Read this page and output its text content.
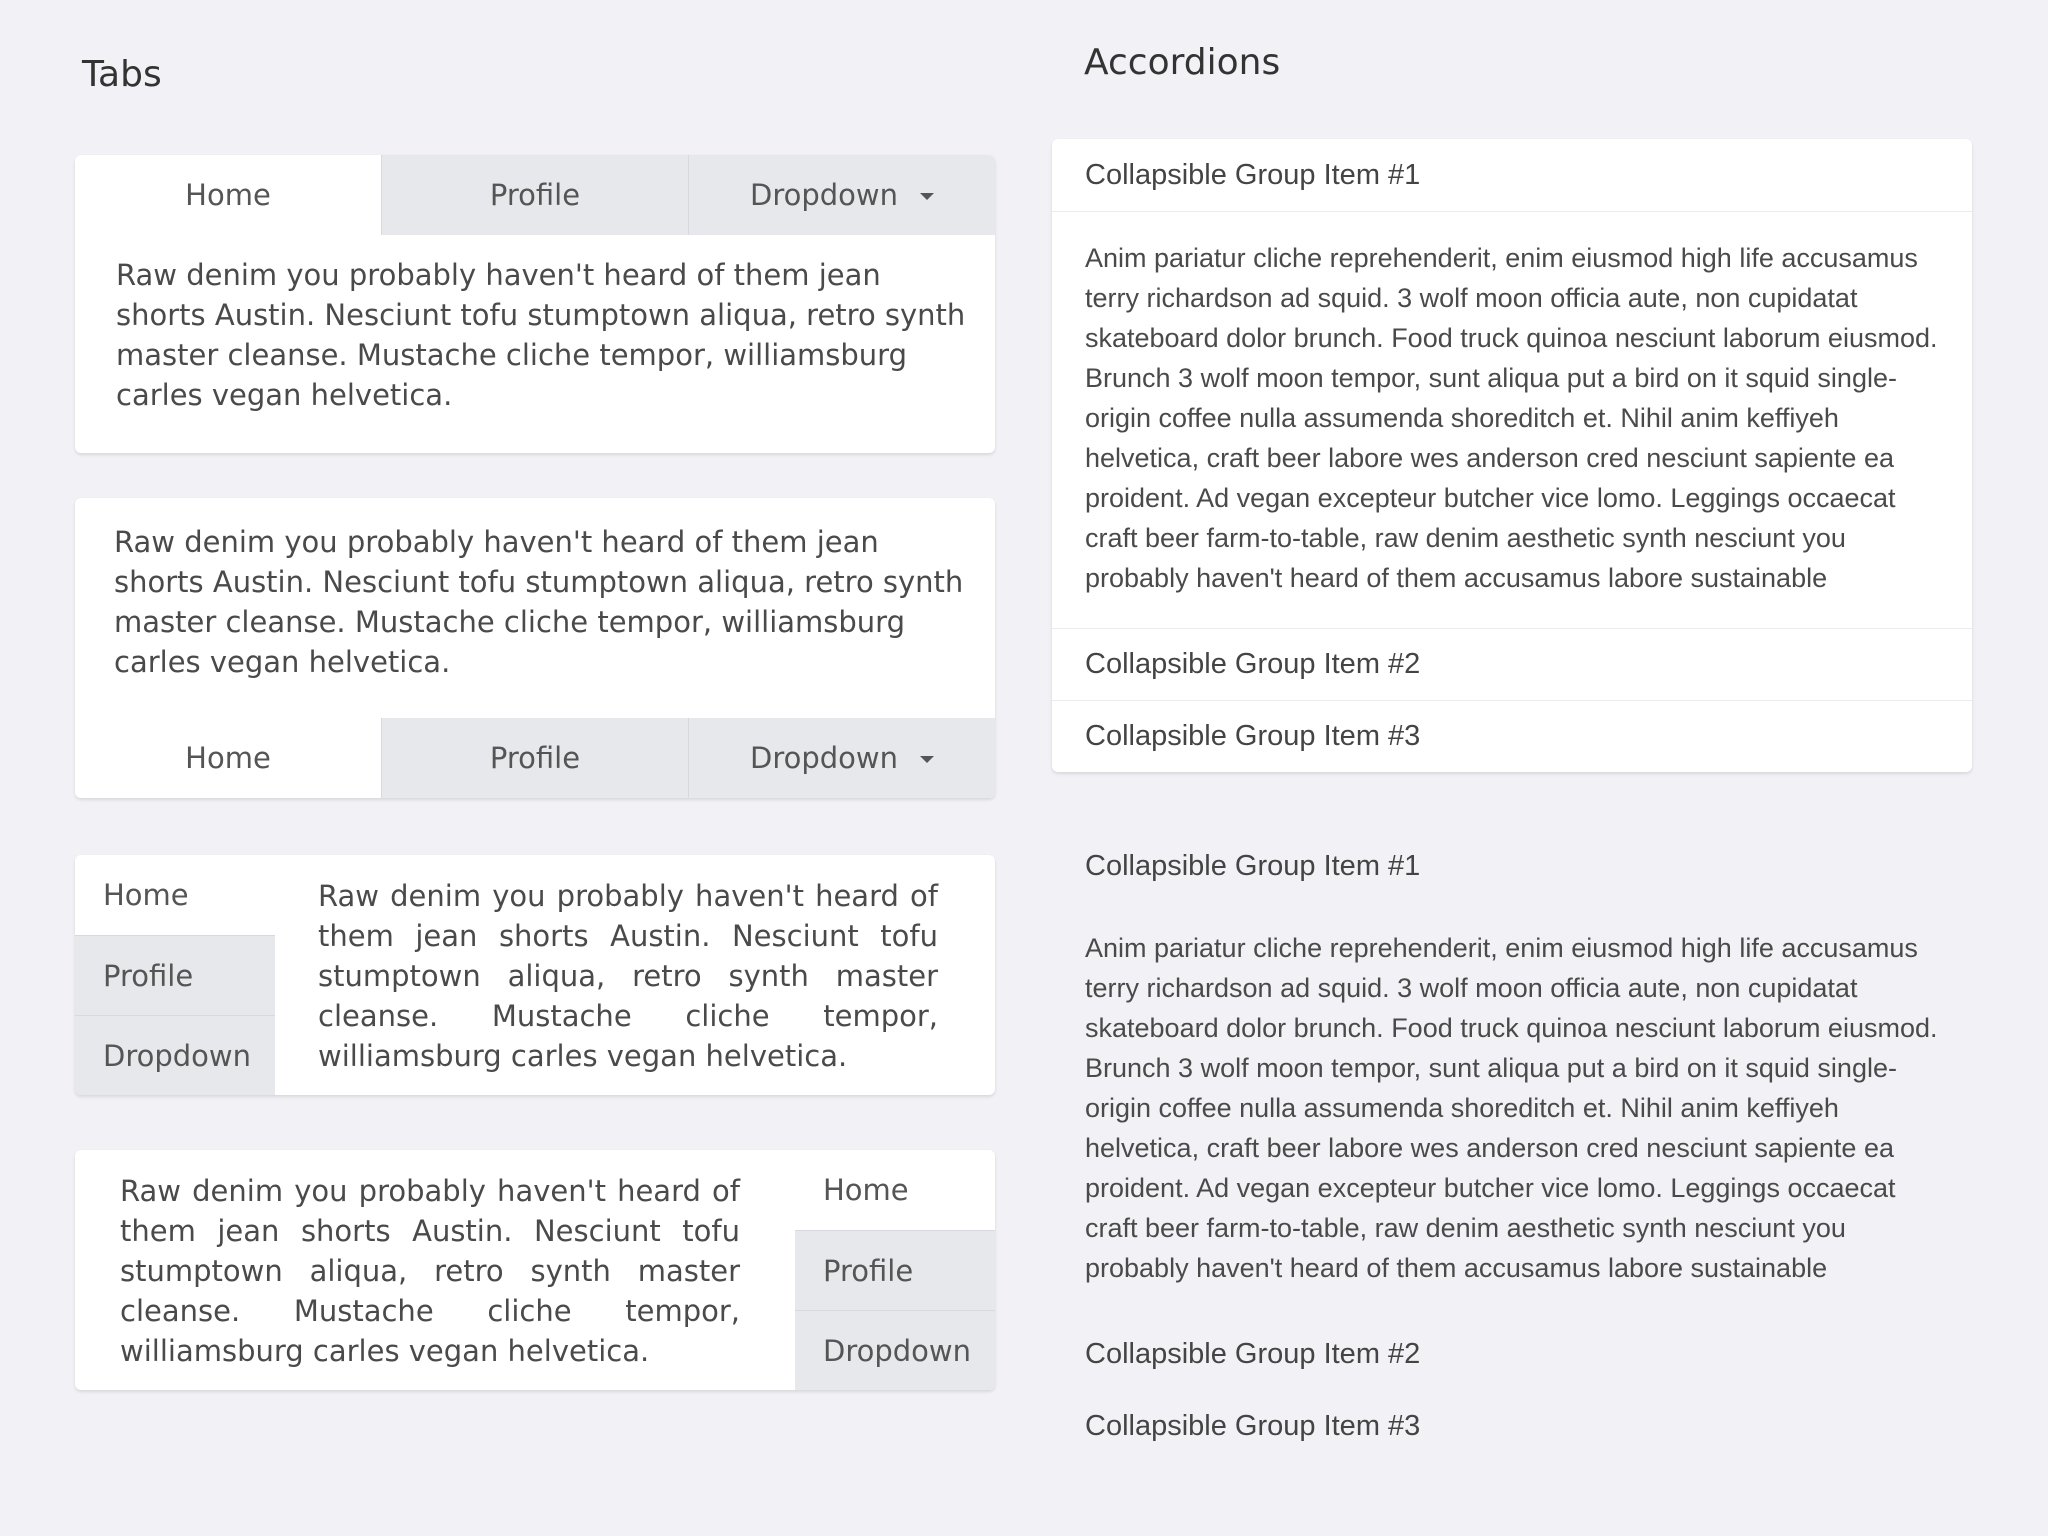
Tabs	Accordions
Home	Profile	Dropdown

Raw denim you probably haven't heard of them jean shorts Austin. Nesciunt tofu stumptown aliqua, retro synth master cleanse. Mustache cliche tempor, williamsburg carles vegan helvetica.

Raw denim you probably haven't heard of them jean shorts Austin. Nesciunt tofu stumptown aliqua, retro synth master cleanse. Mustache cliche tempor, williamsburg carles vegan helvetica.

Home	Profile	Dropdown
Home
Profile
Dropdown

Raw denim you probably haven't heard of them jean shorts Austin. Nesciunt tofu stumptown aliqua, retro synth master cleanse. Mustache cliche tempor, williamsburg carles vegan helvetica.

Raw denim you probably haven't heard of them jean shorts Austin. Nesciunt tofu stumptown aliqua, retro synth master cleanse. Mustache cliche tempor, williamsburg carles vegan helvetica.

Home
Profile
Dropdown
Collapsible Group Item #1
Anim pariatur cliche reprehenderit, enim eiusmod high life accusamus terry richardson ad squid. 3 wolf moon officia aute, non cupidatat skateboard dolor brunch. Food truck quinoa nesciunt laborum eiusmod. Brunch 3 wolf moon tempor, sunt aliqua put a bird on it squid single-origin coffee nulla assumenda shoreditch et. Nihil anim keffiyeh helvetica, craft beer labore wes anderson cred nesciunt sapiente ea proident. Ad vegan excepteur butcher vice lomo. Leggings occaecat craft beer farm-to-table, raw denim aesthetic synth nesciunt you probably haven't heard of them accusamus labore sustainable
Collapsible Group Item #2
Collapsible Group Item #3
Collapsible Group Item #1
Anim pariatur cliche reprehenderit, enim eiusmod high life accusamus terry richardson ad squid. 3 wolf moon officia aute, non cupidatat skateboard dolor brunch. Food truck quinoa nesciunt laborum eiusmod. Brunch 3 wolf moon tempor, sunt aliqua put a bird on it squid single-origin coffee nulla assumenda shoreditch et. Nihil anim keffiyeh helvetica, craft beer labore wes anderson cred nesciunt sapiente ea proident. Ad vegan excepteur butcher vice lomo. Leggings occaecat craft beer farm-to-table, raw denim aesthetic synth nesciunt you probably haven't heard of them accusamus labore sustainable
Collapsible Group Item #2
Collapsible Group Item #3
